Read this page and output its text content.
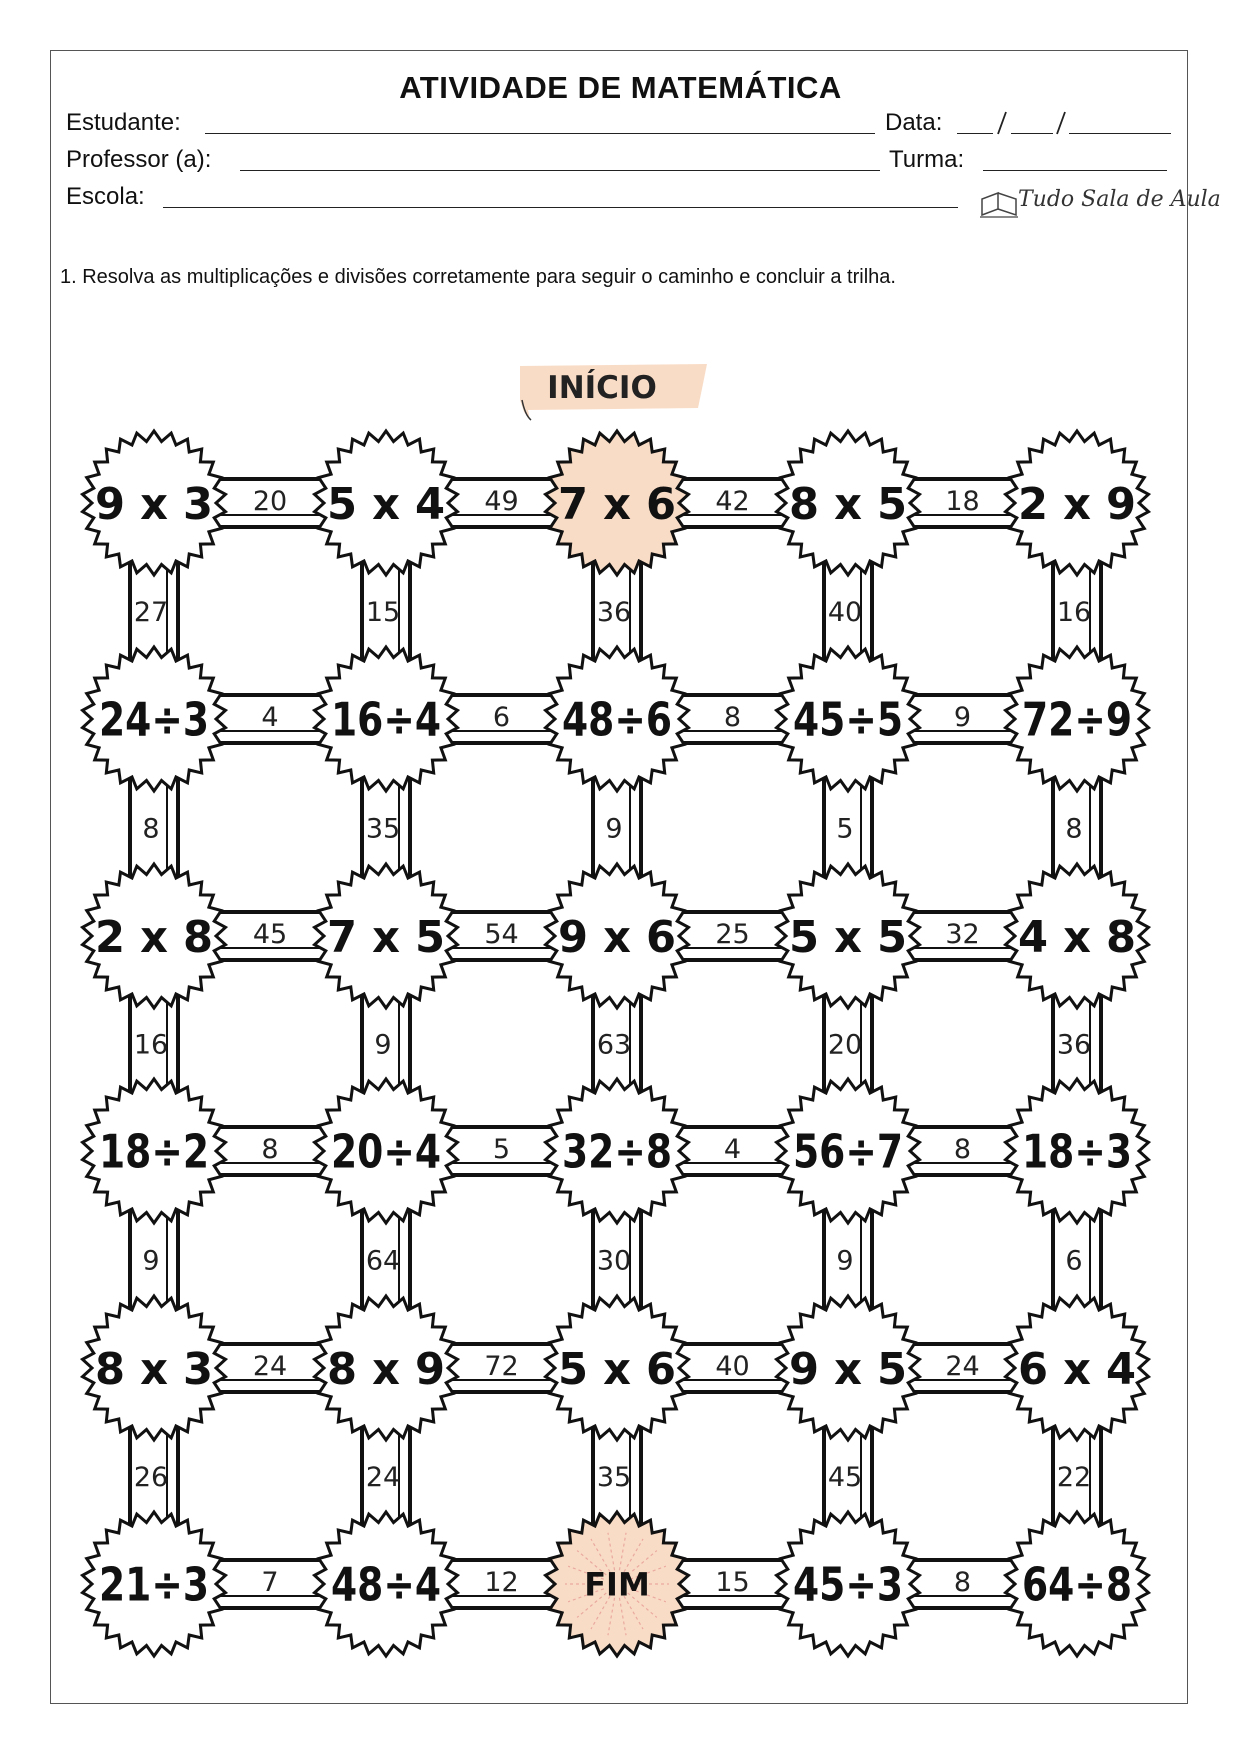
ATIVIDADE DE MATEMÁTICA
Estudante:	Data:
Professor (a):	Turma:
Escola:	Tudo Sala de Aula
1. Resolva as multiplicações e divisões corretamente para seguir o caminho e concluir a trilha.
20	49	42	18
4	6	8	9
45	54	25	32
8	5	4	8
24	72	40	24
7	12	15	8
27	15	36	40	16
8	35	9	5	8
16	9	63	20	36
9	64	30	9	6
26	24	35	45	22
9 x 3	5 x 4	7 x 6	8 x 5	2 x 9
24÷3	16÷4	48÷6	45÷5	72÷9
2 x 8	7 x 5	9 x 6	5 x 5	4 x 8
18÷2	20÷4	32÷8	56÷7	18÷3
8 x 3	8 x 9	5 x 6	9 x 5	6 x 4
21÷3	48÷4	FIM	45÷3	64÷8
INÍCIO
